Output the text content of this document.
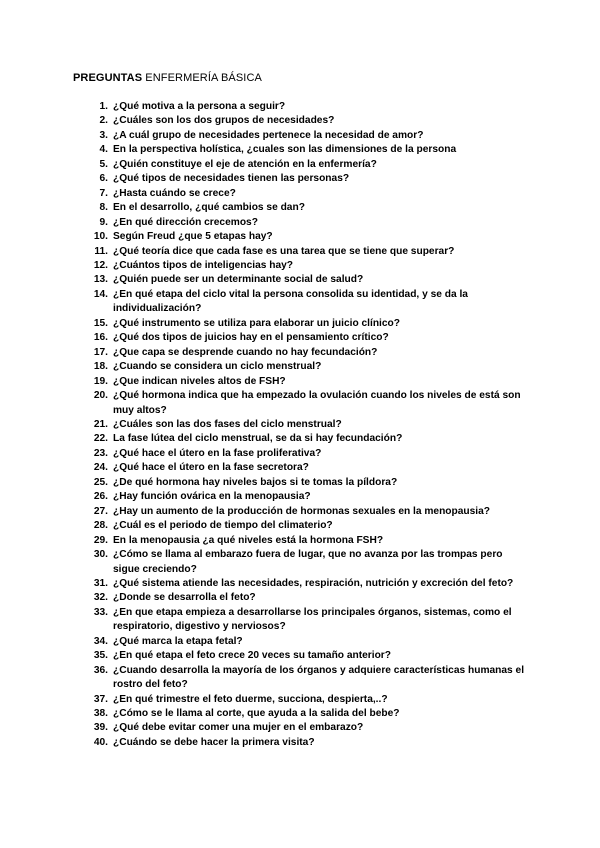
PREGUNTAS ENFERMERÍA BÁSICA
1. ¿Qué motiva a la persona a seguir?
2. ¿Cuáles son los dos grupos de necesidades?
3. ¿A cuál grupo de necesidades pertenece la necesidad de amor?
4. En la perspectiva holística, ¿cuales son las dimensiones de la persona
5. ¿Quién constituye el eje de atención en la enfermería?
6. ¿Qué tipos de necesidades tienen las personas?
7. ¿Hasta cuándo se crece?
8. En el desarrollo, ¿qué cambios se dan?
9. ¿En qué dirección crecemos?
10. Según Freud ¿que 5 etapas hay?
11. ¿Qué teoría dice que cada fase es una tarea que se tiene que superar?
12. ¿Cuántos tipos de inteligencias hay?
13. ¿Quién puede ser un determinante social de salud?
14. ¿En qué etapa del ciclo vital la persona consolida su identidad, y se da la individualización?
15. ¿Qué instrumento se utiliza para elaborar un juicio clínico?
16. ¿Qué dos tipos de juicios hay en el pensamiento crítico?
17. ¿Que capa se desprende cuando no hay fecundación?
18. ¿Cuando se considera un ciclo menstrual?
19. ¿Que indican niveles altos de FSH?
20. ¿Qué hormona indica que ha empezado la ovulación cuando los niveles de está son muy altos?
21. ¿Cuáles son las dos fases del ciclo menstrual?
22. La fase lútea del ciclo menstrual, se da si hay fecundación?
23. ¿Qué hace el útero en la fase proliferativa?
24. ¿Qué hace el útero en la fase secretora?
25. ¿De qué hormona hay niveles bajos si te tomas la píldora?
26. ¿Hay función ovárica en la menopausia?
27. ¿Hay un aumento de la producción de hormonas sexuales en la menopausia?
28. ¿Cuál es el periodo de tiempo del climaterio?
29. En la menopausia ¿a qué niveles está la hormona FSH?
30. ¿Cómo se llama al embarazo fuera de lugar, que no avanza por las trompas pero sigue creciendo?
31. ¿Qué sistema atiende las necesidades, respiración, nutrición y excreción del feto?
32. ¿Donde se desarrolla el feto?
33. ¿En que etapa empieza a desarrollarse los principales órganos, sistemas, como el respiratorio, digestivo y nerviosos?
34. ¿Qué marca la etapa fetal?
35. ¿En qué etapa el feto crece 20 veces su tamaño anterior?
36. ¿Cuando desarrolla la mayoría de los órganos y adquiere características humanas el rostro del feto?
37. ¿En qué trimestre el feto duerme, succiona, despierta,..?
38. ¿Cómo se le llama al corte, que ayuda a la salida del bebe?
39. ¿Qué debe evitar comer una mujer en el embarazo?
40. ¿Cuándo se debe hacer la primera visita?
